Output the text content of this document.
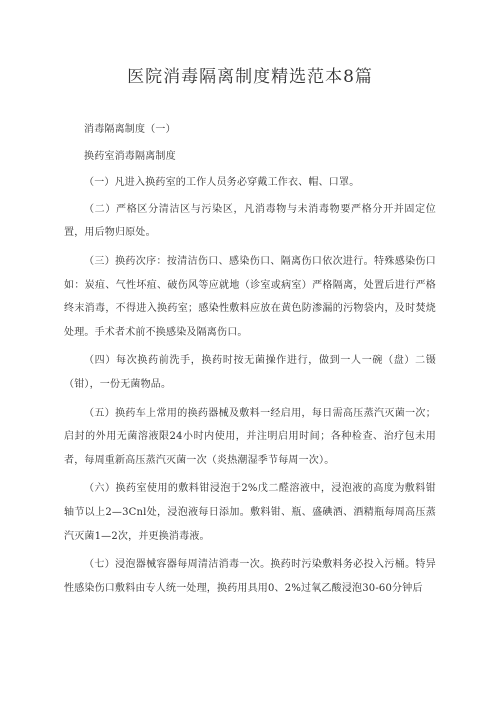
医院消毒隔离制度精选范本8篇

消毒隔离制度（一）

换药室消毒隔离制度

（一）凡进入换药室的工作人员务必穿戴工作衣、帽、口罩。

（二）严格区分清洁区与污染区，凡消毒物与未消毒物要严格分开并固定位置，用后物归原处。

（三）换药次序：按清洁伤口、感染伤口、隔离伤口依次进行。特殊感染伤口如：炭疽、气性坏疽、破伤风等应就地（诊室或病室）严格隔离，处置后进行严格终末消毒，不得进入换药室；感染性敷料应放在黄色防渗漏的污物袋内，及时焚烧处理。手术者术前不换感染及隔离伤口。

（四）每次换药前洗手，换药时按无菌操作进行，做到一人一碗（盘）二镊（钳），一份无菌物品。

（五）换药车上常用的换药器械及敷料一经启用，每日需高压蒸汽灭菌一次；启封的外用无菌溶液限24小时内使用，并注明启用时间；各种检查、治疗包未用者，每周重新高压蒸汽灭菌一次（炎热潮湿季节每周一次）。

（六）换药室使用的敷料钳浸泡于2%戊二醛溶液中，浸泡液的高度为敷料钳轴节以上2—3Cnl处，浸泡液每日添加。敷料钳、瓶、盛碘酒、酒精瓶每周高压蒸汽灭菌1—2次，并更换消毒液。

（七）浸泡器械容器每周清洁消毒一次。换药时污染敷料务必投入污桶。特异性感染伤口敷料由专人统一处理，换药用具用0、2%过氧乙酸浸泡30-60分钟后
